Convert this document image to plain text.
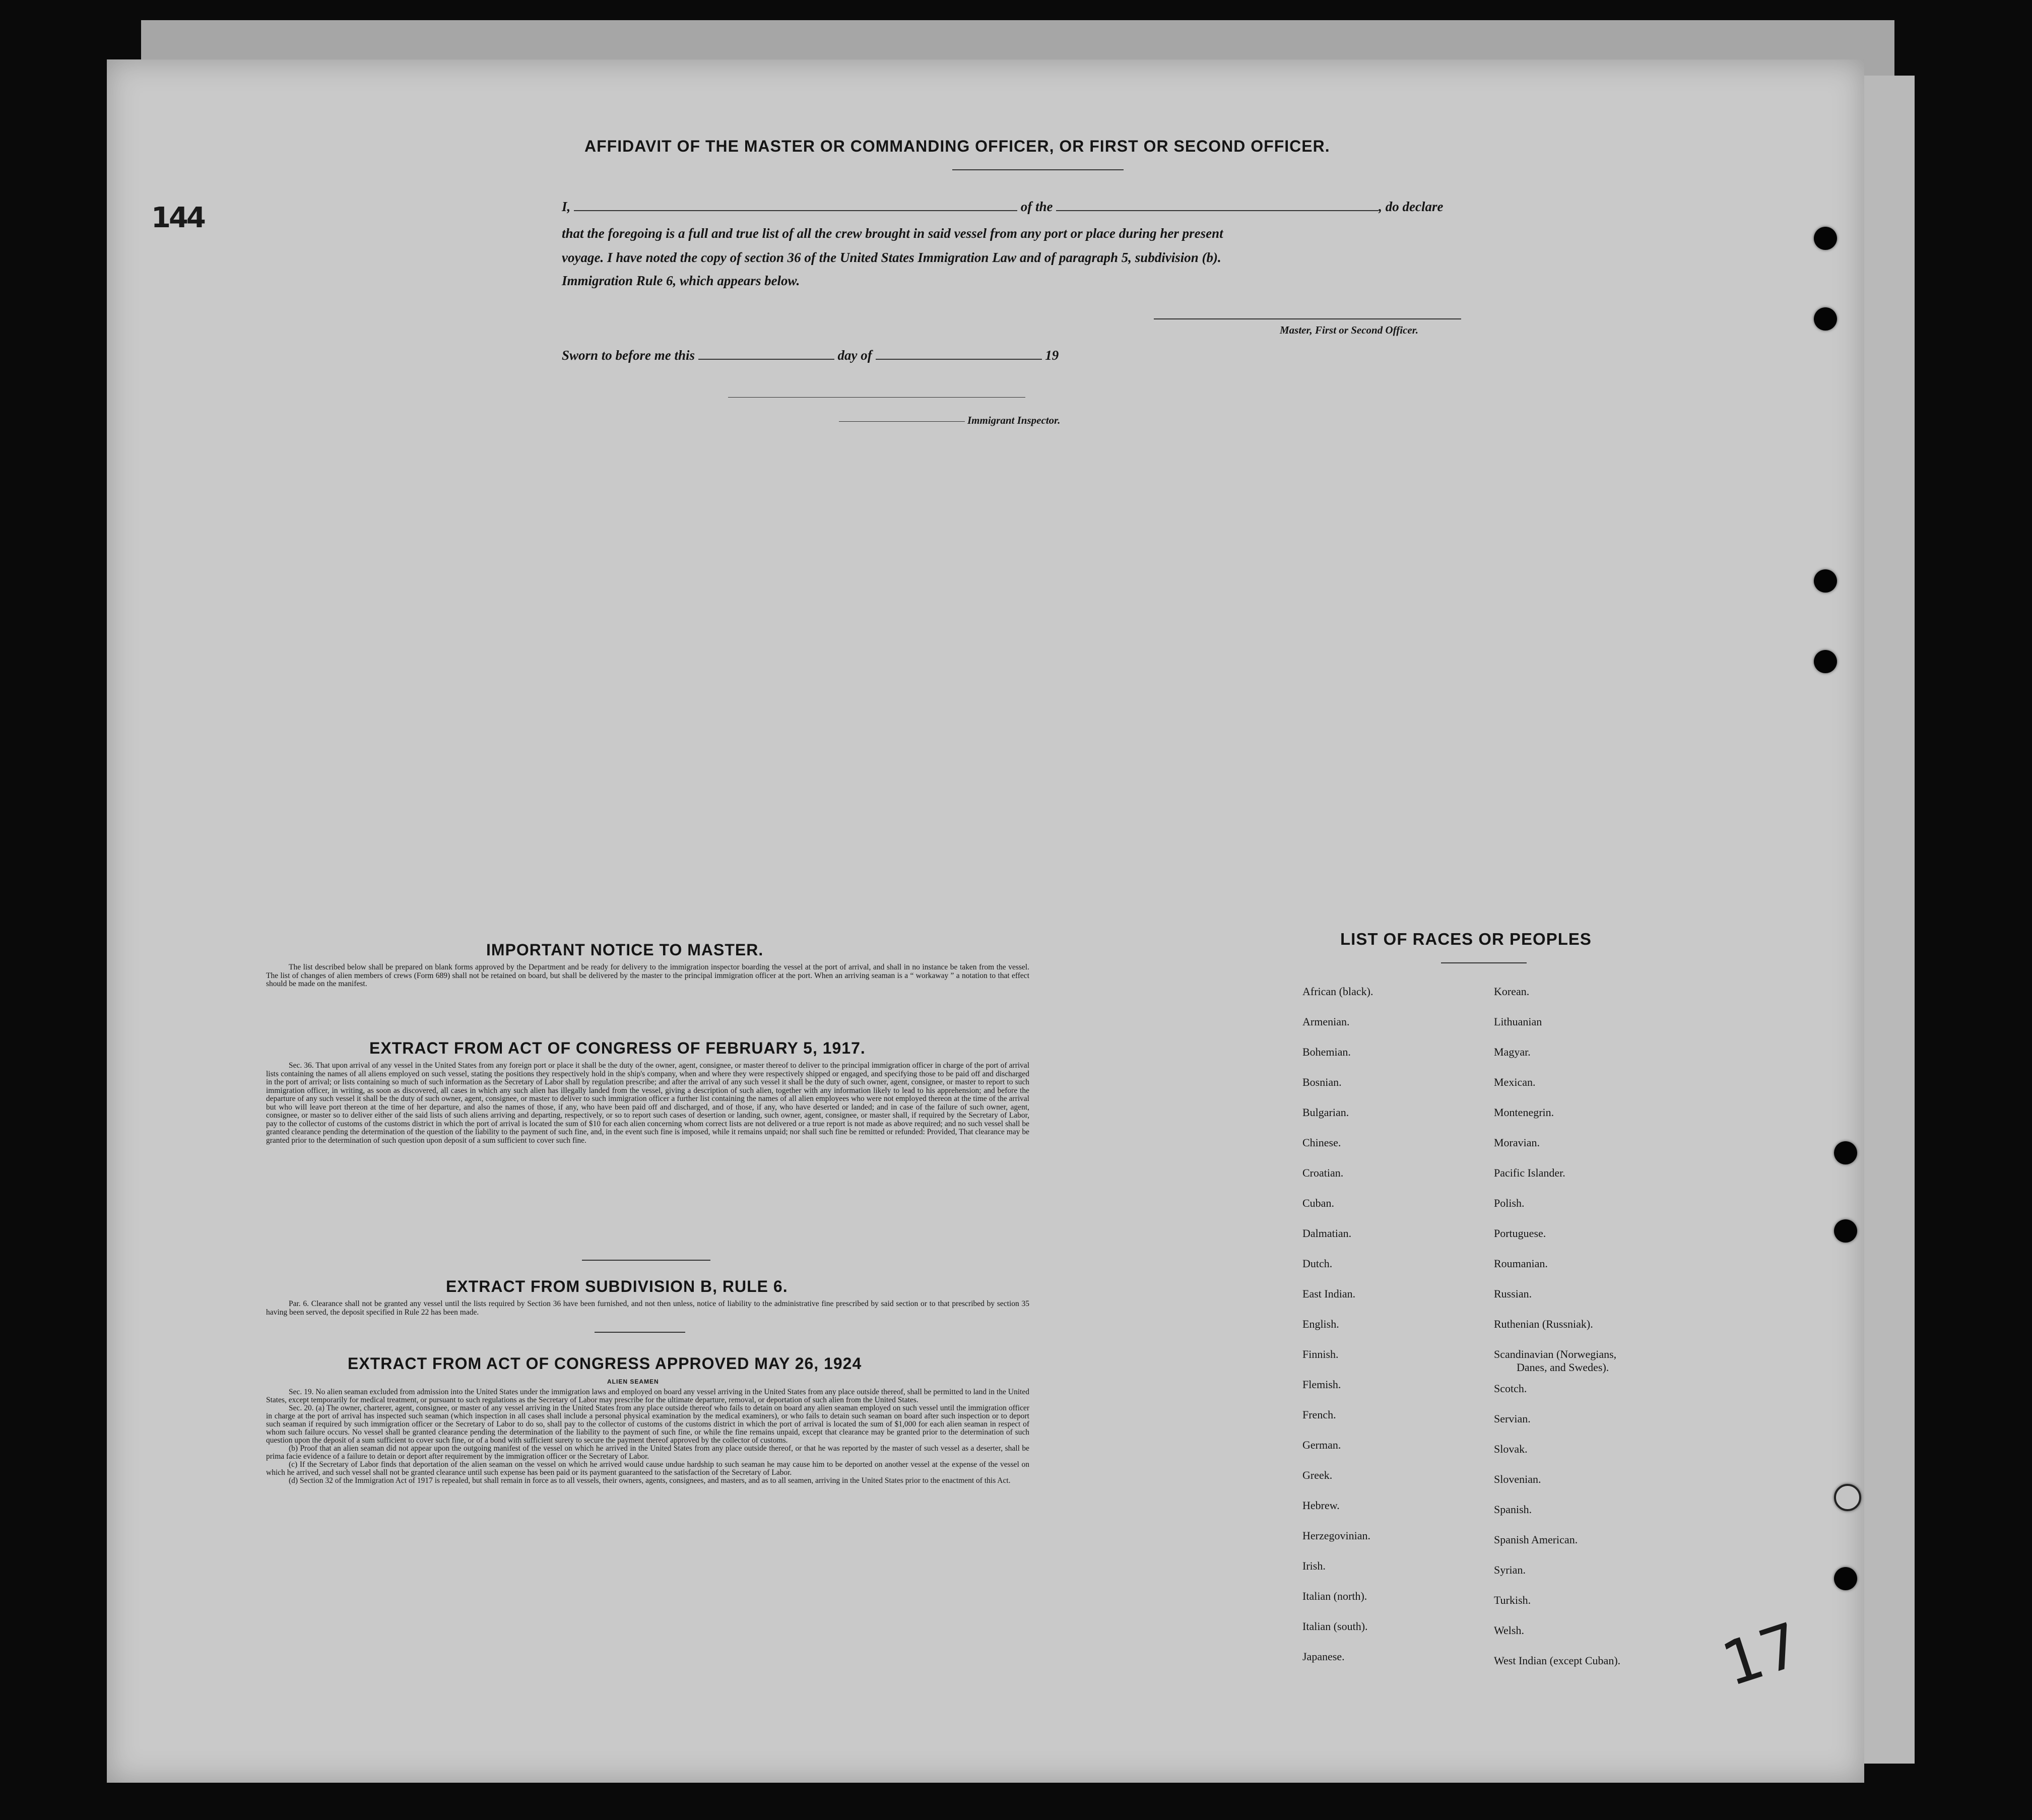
144
AFFIDAVIT OF THE MASTER OR COMMANDING OFFICER, OR FIRST OR SECOND OFFICER.
I,	of the	, do declare
that the foregoing is a full and true list of all the crew brought in said vessel from any port or place during her present
voyage. I have noted the copy of section 36 of the United States Immigration Law and of paragraph 5, subdivision (b).
Immigration Rule 6, which appears below.
Master, First or Second Officer.
Sworn to before me this	day of	19
Immigrant Inspector.
IMPORTANT NOTICE TO MASTER.

The list described below shall be prepared on blank forms approved by the Department and be ready for delivery to the immigration inspector boarding the vessel at the port of arrival, and shall in no instance be taken from the vessel. The list of changes of alien members of crews (Form 689) shall not be retained on board, but shall be delivered by the master to the principal immigration officer at the port. When an arriving seaman is a “ workaway ” a notation to that effect should be made on the manifest.

EXTRACT FROM ACT OF CONGRESS OF FEBRUARY 5, 1917.

Sec. 36. That upon arrival of any vessel in the United States from any foreign port or place it shall be the duty of the owner, agent, consignee, or master thereof to deliver to the principal immigration officer in charge of the port of arrival lists containing the names of all aliens employed on such vessel, stating the positions they respectively hold in the ship's company, when and where they were respectively shipped or engaged, and specifying those to be paid off and discharged in the port of arrival; or lists containing so much of such information as the Secretary of Labor shall by regulation prescribe; and after the arrival of any such vessel it shall be the duty of such owner, agent, consignee, or master to report to such immigration officer, in writing, as soon as discovered, all cases in which any such alien has illegally landed from the vessel, giving a description of such alien, together with any information likely to lead to his apprehension; and before the departure of any such vessel it shall be the duty of such owner, agent, consignee, or master to deliver to such immigration officer a further list containing the names of all alien employees who were not employed thereon at the time of the arrival but who will leave port thereon at the time of her departure, and also the names of those, if any, who have been paid off and discharged, and of those, if any, who have deserted or landed; and in case of the failure of such owner, agent, consignee, or master so to deliver either of the said lists of such aliens arriving and departing, respectively, or so to report such cases of desertion or landing, such owner, agent, consignee, or master shall, if required by the Secretary of Labor, pay to the collector of customs of the customs district in which the port of arrival is located the sum of $10 for each alien concerning whom correct lists are not delivered or a true report is not made as above required; and no such vessel shall be granted clearance pending the determination of the question of the liability to the payment of such fine, and, in the event such fine is imposed, while it remains unpaid; nor shall such fine be remitted or refunded: Provided, That clearance may be granted prior to the determination of such question upon deposit of a sum sufficient to cover such fine.

EXTRACT FROM SUBDIVISION B, RULE 6.

Par. 6. Clearance shall not be granted any vessel until the lists required by Section 36 have been furnished, and not then unless, notice of liability to the administrative fine prescribed by said section or to that prescribed by section 35 having been served, the deposit specified in Rule 22 has been made.

EXTRACT FROM ACT OF CONGRESS APPROVED MAY 26, 1924
ALIEN SEAMEN

Sec. 19. No alien seaman excluded from admission into the United States under the immigration laws and employed on board any vessel arriving in the United States from any place outside thereof, shall be permitted to land in the United States, except temporarily for medical treatment, or pursuant to such regulations as the Secretary of Labor may prescribe for the ultimate departure, removal, or deportation of such alien from the United States.

Sec. 20. (a) The owner, charterer, agent, consignee, or master of any vessel arriving in the United States from any place outside thereof who fails to detain on board any alien seaman employed on such vessel until the immigration officer in charge at the port of arrival has inspected such seaman (which inspection in all cases shall include a personal physical examination by the medical examiners), or who fails to detain such seaman on board after such inspection or to deport such seaman if required by such immigration officer or the Secretary of Labor to do so, shall pay to the collector of customs of the customs district in which the port of arrival is located the sum of $1,000 for each alien seaman in respect of whom such failure occurs. No vessel shall be granted clearance pending the determination of the liability to the payment of such fine, or while the fine remains unpaid, except that clearance may be granted prior to the determination of such question upon the deposit of a sum sufficient to cover such fine, or of a bond with sufficient surety to secure the payment thereof approved by the collector of customs.

(b) Proof that an alien seaman did not appear upon the outgoing manifest of the vessel on which he arrived in the United States from any place outside thereof, or that he was reported by the master of such vessel as a deserter, shall be prima facie evidence of a failure to detain or deport after requirement by the immigration officer or the Secretary of Labor.

(c) If the Secretary of Labor finds that deportation of the alien seaman on the vessel on which he arrived would cause undue hardship to such seaman he may cause him to be deported on another vessel at the expense of the vessel on which he arrived, and such vessel shall not be granted clearance until such expense has been paid or its payment guaranteed to the satisfaction of the Secretary of Labor.

(d) Section 32 of the Immigration Act of 1917 is repealed, but shall remain in force as to all vessels, their owners, agents, consignees, and masters, and as to all seamen, arriving in the United States prior to the enactment of this Act.

LIST OF RACES OR PEOPLES
African (black).
Armenian.
Bohemian.
Bosnian.
Bulgarian.
Chinese.
Croatian.
Cuban.
Dalmatian.
Dutch.
East Indian.
English.
Finnish.
Flemish.
French.
German.
Greek.
Hebrew.
Herzegovinian.
Irish.
Italian (north).
Italian (south).
Japanese.
Korean.
Lithuanian
Magyar.
Mexican.
Montenegrin.
Moravian.
Pacific Islander.
Polish.
Portuguese.
Roumanian.
Russian.
Ruthenian (Russniak).
Scandinavian (Norwegians,
Danes, and Swedes).
Scotch.
Servian.
Slovak.
Slovenian.
Spanish.
Spanish American.
Syrian.
Turkish.
Welsh.
West Indian (except Cuban). 17
